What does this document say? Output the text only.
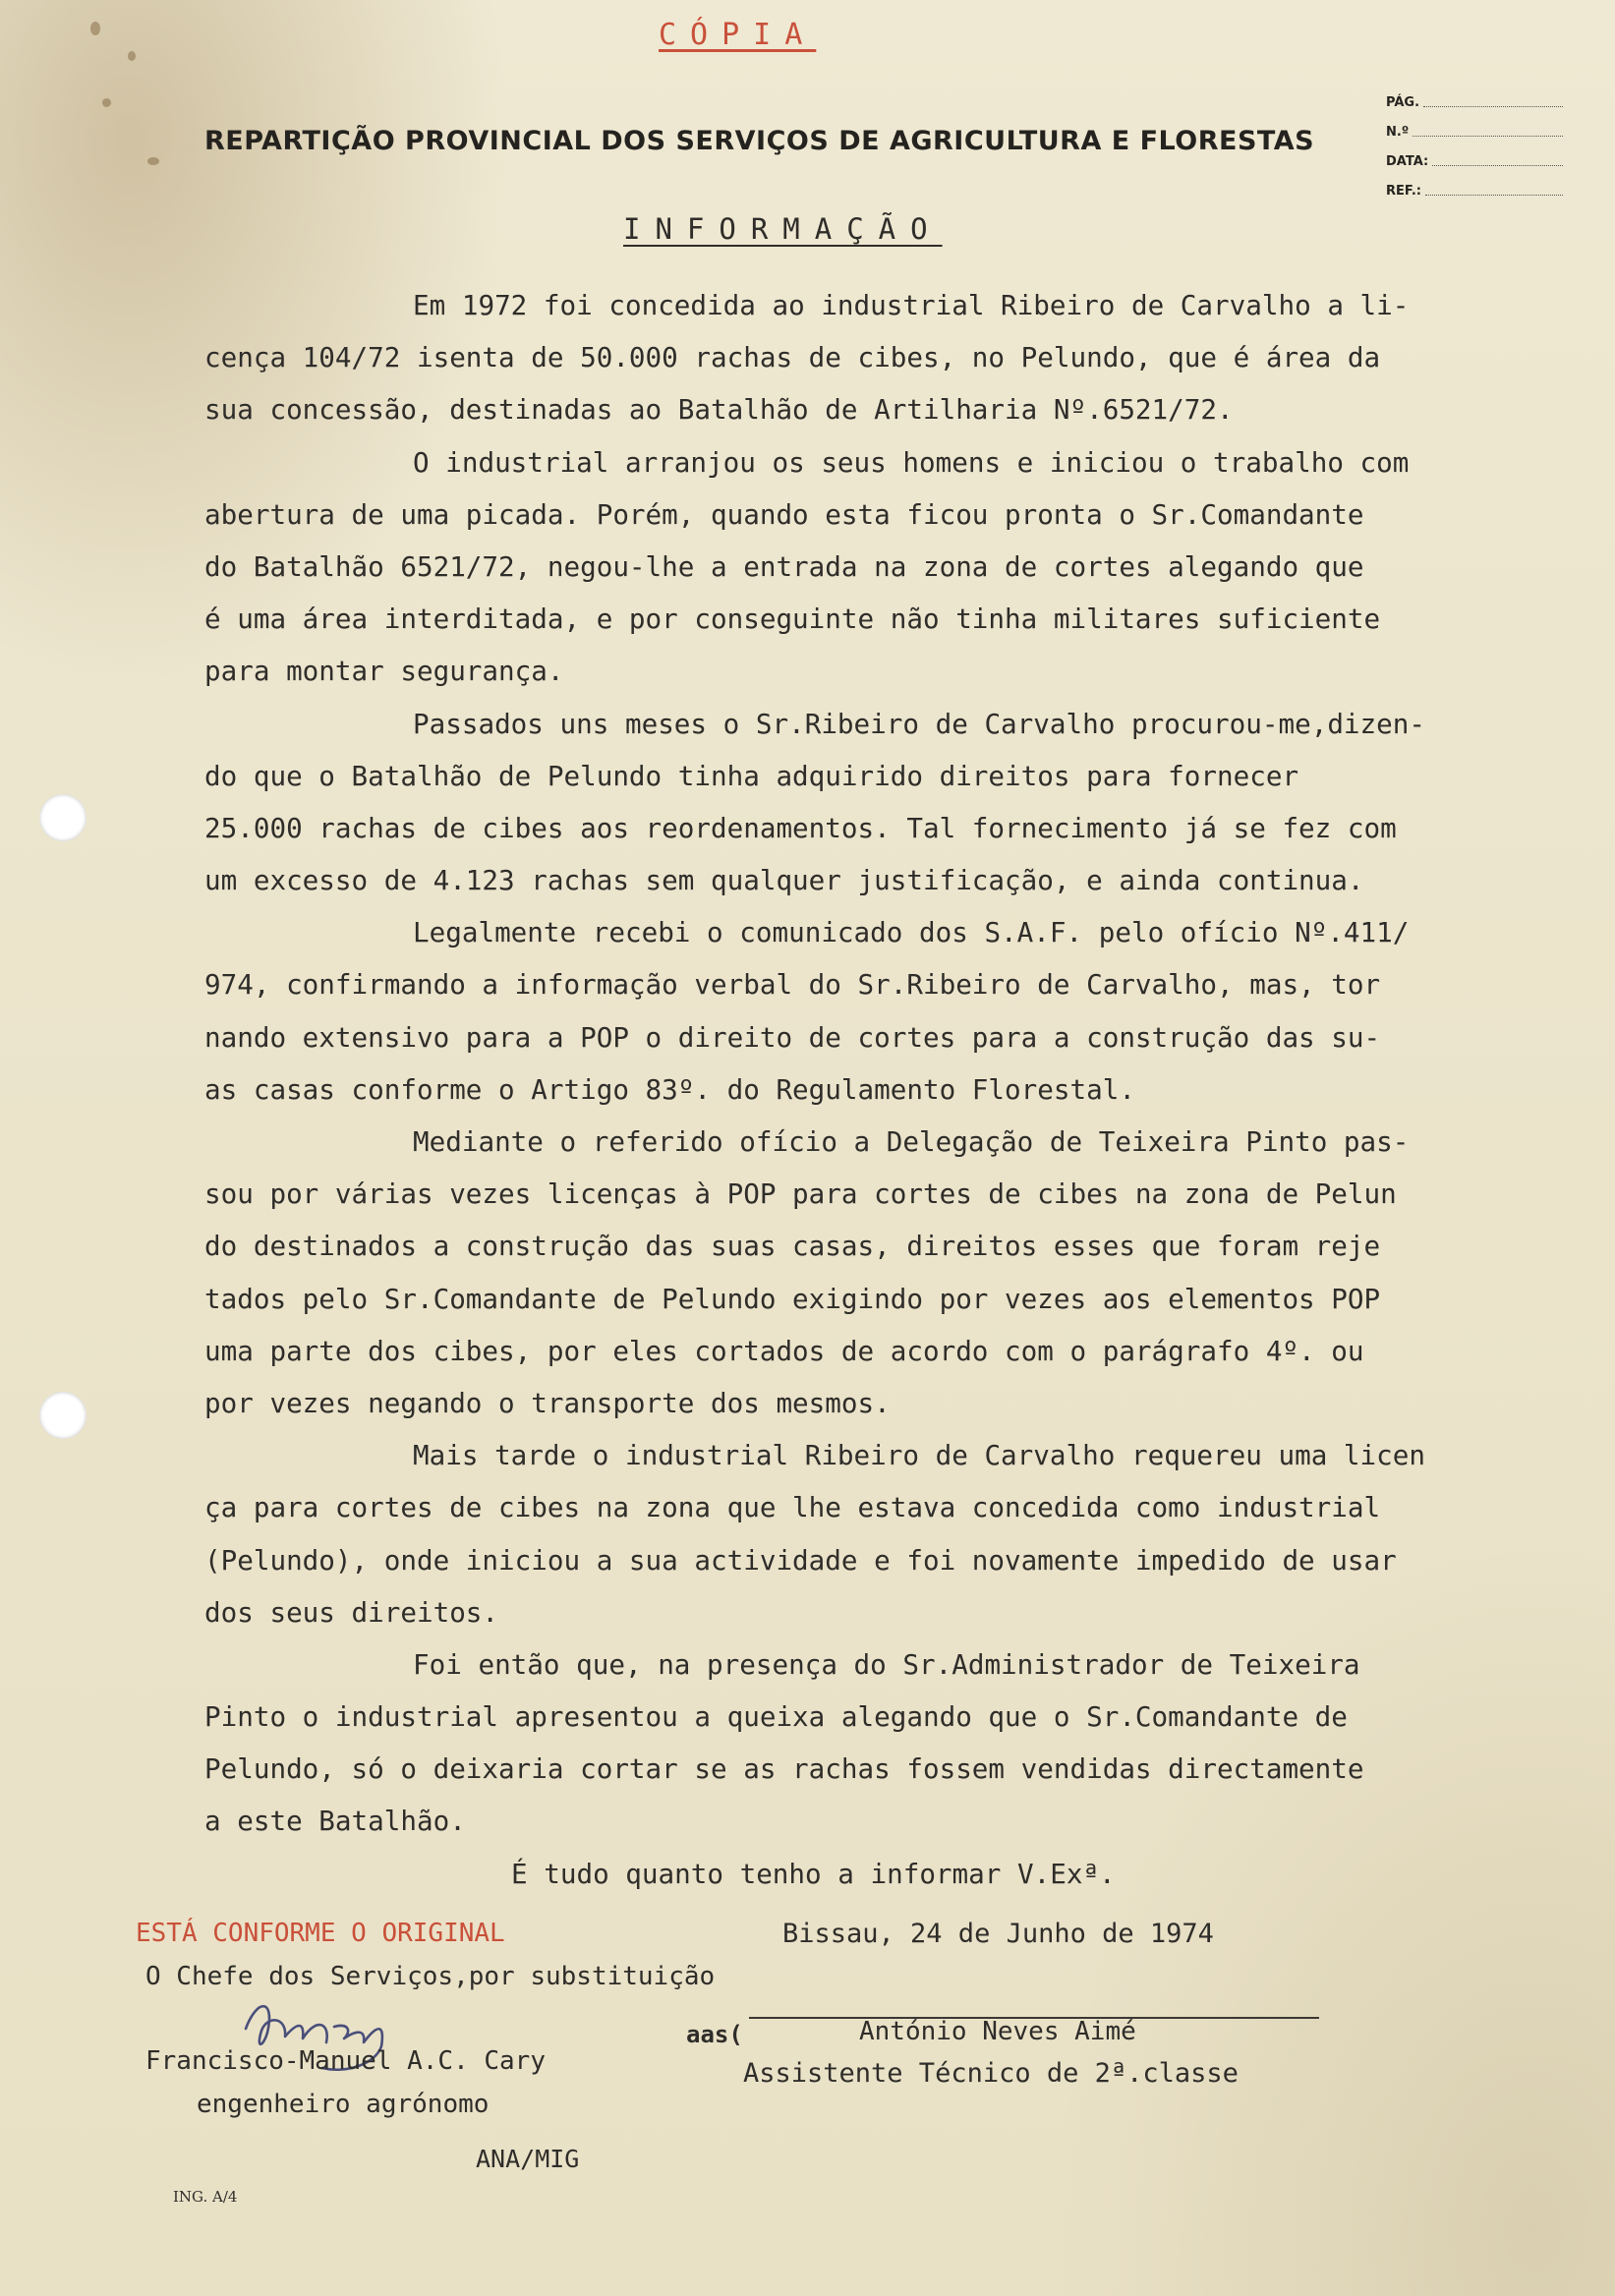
CÓPIA
REPARTIÇÃO PROVINCIAL DOS SERVIÇOS DE AGRICULTURA E FLORESTAS
PÁG.
N.º
DATA:
REF.:
INFORMAÇÃO
Em 1972 foi concedida ao industrial Ribeiro de Carvalho a li-
cença 104/72 isenta de 50.000 rachas de cibes, no Pelundo, que é área da
sua concessão, destinadas ao Batalhão de Artilharia Nº.6521/72.
O industrial arranjou os seus homens e iniciou o trabalho com
abertura de uma picada. Porém, quando esta ficou pronta o Sr.Comandante
do Batalhão 6521/72, negou-lhe a entrada na zona de cortes alegando que
é uma área interditada, e por conseguinte não tinha militares suficiente
para montar segurança.
Passados uns meses o Sr.Ribeiro de Carvalho procurou-me,dizen-
do que o Batalhão de Pelundo tinha adquirido direitos para fornecer
25.000 rachas de cibes aos reordenamentos. Tal fornecimento já se fez com
um excesso de 4.123 rachas sem qualquer justificação, e ainda continua.
Legalmente recebi o comunicado dos S.A.F. pelo ofício Nº.411/
974, confirmando a informação verbal do Sr.Ribeiro de Carvalho, mas, tor
nando extensivo para a POP o direito de cortes para a construção das su-
as casas conforme o Artigo 83º. do Regulamento Florestal.
Mediante o referido ofício a Delegação de Teixeira Pinto pas-
sou por várias vezes licenças à POP para cortes de cibes na zona de Pelun
do destinados a construção das suas casas, direitos esses que foram reje
tados pelo Sr.Comandante de Pelundo exigindo por vezes aos elementos POP
uma parte dos cibes, por eles cortados de acordo com o parágrafo 4º. ou
por vezes negando o transporte dos mesmos.
Mais tarde o industrial Ribeiro de Carvalho requereu uma licen
ça para cortes de cibes na zona que lhe estava concedida como industrial
(Pelundo), onde iniciou a sua actividade e foi novamente impedido de usar
dos seus direitos.
Foi então que, na presença do Sr.Administrador de Teixeira
Pinto o industrial apresentou a queixa alegando que o Sr.Comandante de
Pelundo, só o deixaria cortar se as rachas fossem vendidas directamente
a este Batalhão.
É tudo quanto tenho a informar V.Exª.
ESTÁ CONFORME O ORIGINAL
O Chefe dos Serviços,por substituição
Francisco-Manuel A.C. Cary
engenheiro agrónomo
Bissau, 24 de Junho de 1974
aas(	António Neves Aimé
Assistente Técnico de 2ª.classe
ANA/MIG
ING. A/4
